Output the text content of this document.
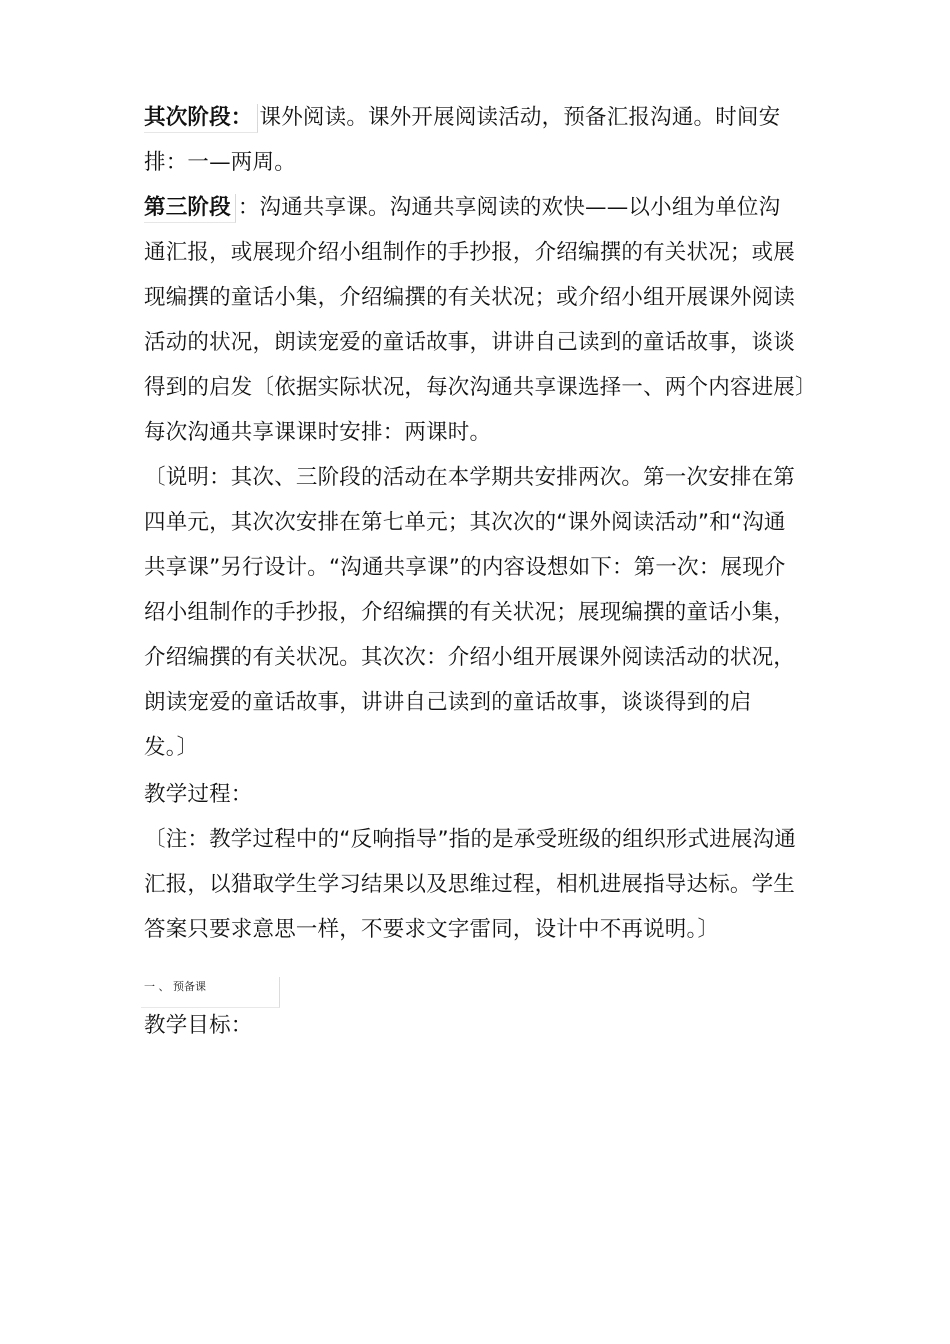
其次阶段： 课外阅读。课外开展阅读活动，预备汇报沟通。时间安
排：一—两周。
第三阶段 ：沟通共享课。沟通共享阅读的欢快——以小组为单位沟
通汇报，或展现介绍小组制作的手抄报，介绍编撰的有关状况；或展
现编撰的童话小集，介绍编撰的有关状况；或介绍小组开展课外阅读
活动的状况，朗读宠爱的童话故事，讲讲自己读到的童话故事，谈谈
得到的启发〔依据实际状况，每次沟通共享课选择一、两个内容进展〕
每次沟通共享课课时安排：两课时。
〔说明：其次、三阶段的活动在本学期共安排两次。第一次安排在第
四单元，其次次安排在第七单元；其次次的“课外阅读活动”和“沟通
共享课”另行设计。“沟通共享课”的内容设想如下：第一次：展现介
绍小组制作的手抄报，介绍编撰的有关状况；展现编撰的童话小集，
介绍编撰的有关状况。其次次：介绍小组开展课外阅读活动的状况，
朗读宠爱的童话故事，讲讲自己读到的童话故事，谈谈得到的启
发。〕
教学过程：
〔注：教学过程中的“反响指导”指的是承受班级的组织形式进展沟通
汇报，以猎取学生学习结果以及思维过程，相机进展指导达标。学生
答案只要求意思一样，不要求文字雷同，设计中不再说明。〕
一 、 预备课
教学目标：
